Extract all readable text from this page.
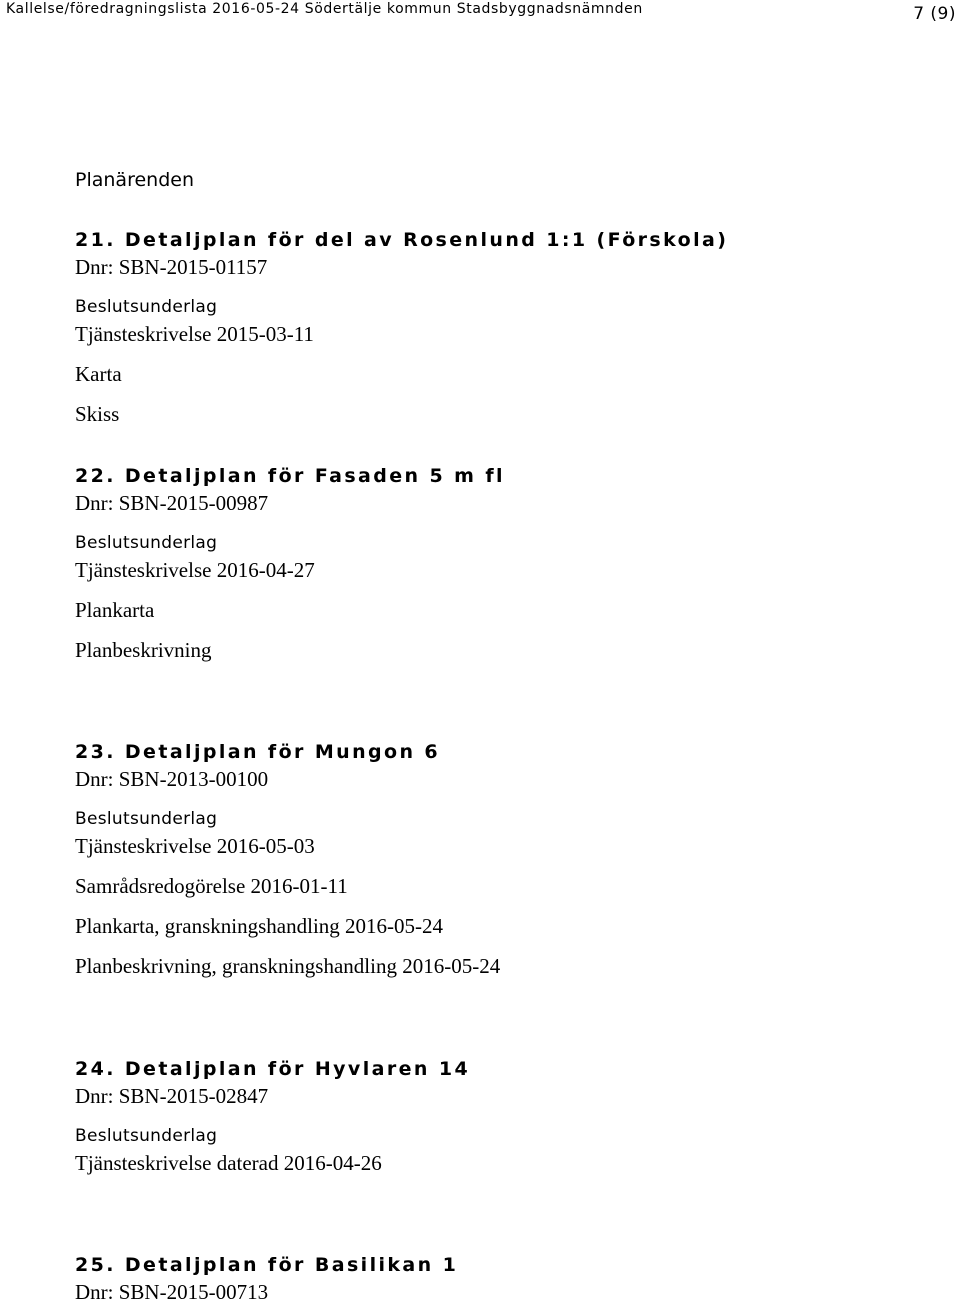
Kallelse/föredragningslista 2016-05-24 Södertälje kommun Stadsbyggnadsnämnden	7 (9)
Planärenden
21. Detaljplan för del av Rosenlund 1:1 (Förskola)
Dnr: SBN-2015-01157
Beslutsunderlag
Tjänsteskrivelse 2015-03-11
Karta
Skiss
22. Detaljplan för Fasaden 5 m fl
Dnr: SBN-2015-00987
Beslutsunderlag
Tjänsteskrivelse 2016-04-27
Plankarta
Planbeskrivning
23. Detaljplan för Mungon 6
Dnr: SBN-2013-00100
Beslutsunderlag
Tjänsteskrivelse 2016-05-03
Samrådsredogörelse 2016-01-11
Plankarta, granskningshandling 2016-05-24
Planbeskrivning, granskningshandling 2016-05-24
24. Detaljplan för Hyvlaren 14
Dnr: SBN-2015-02847
Beslutsunderlag
Tjänsteskrivelse daterad 2016-04-26
25. Detaljplan för Basilikan 1
Dnr: SBN-2015-00713
